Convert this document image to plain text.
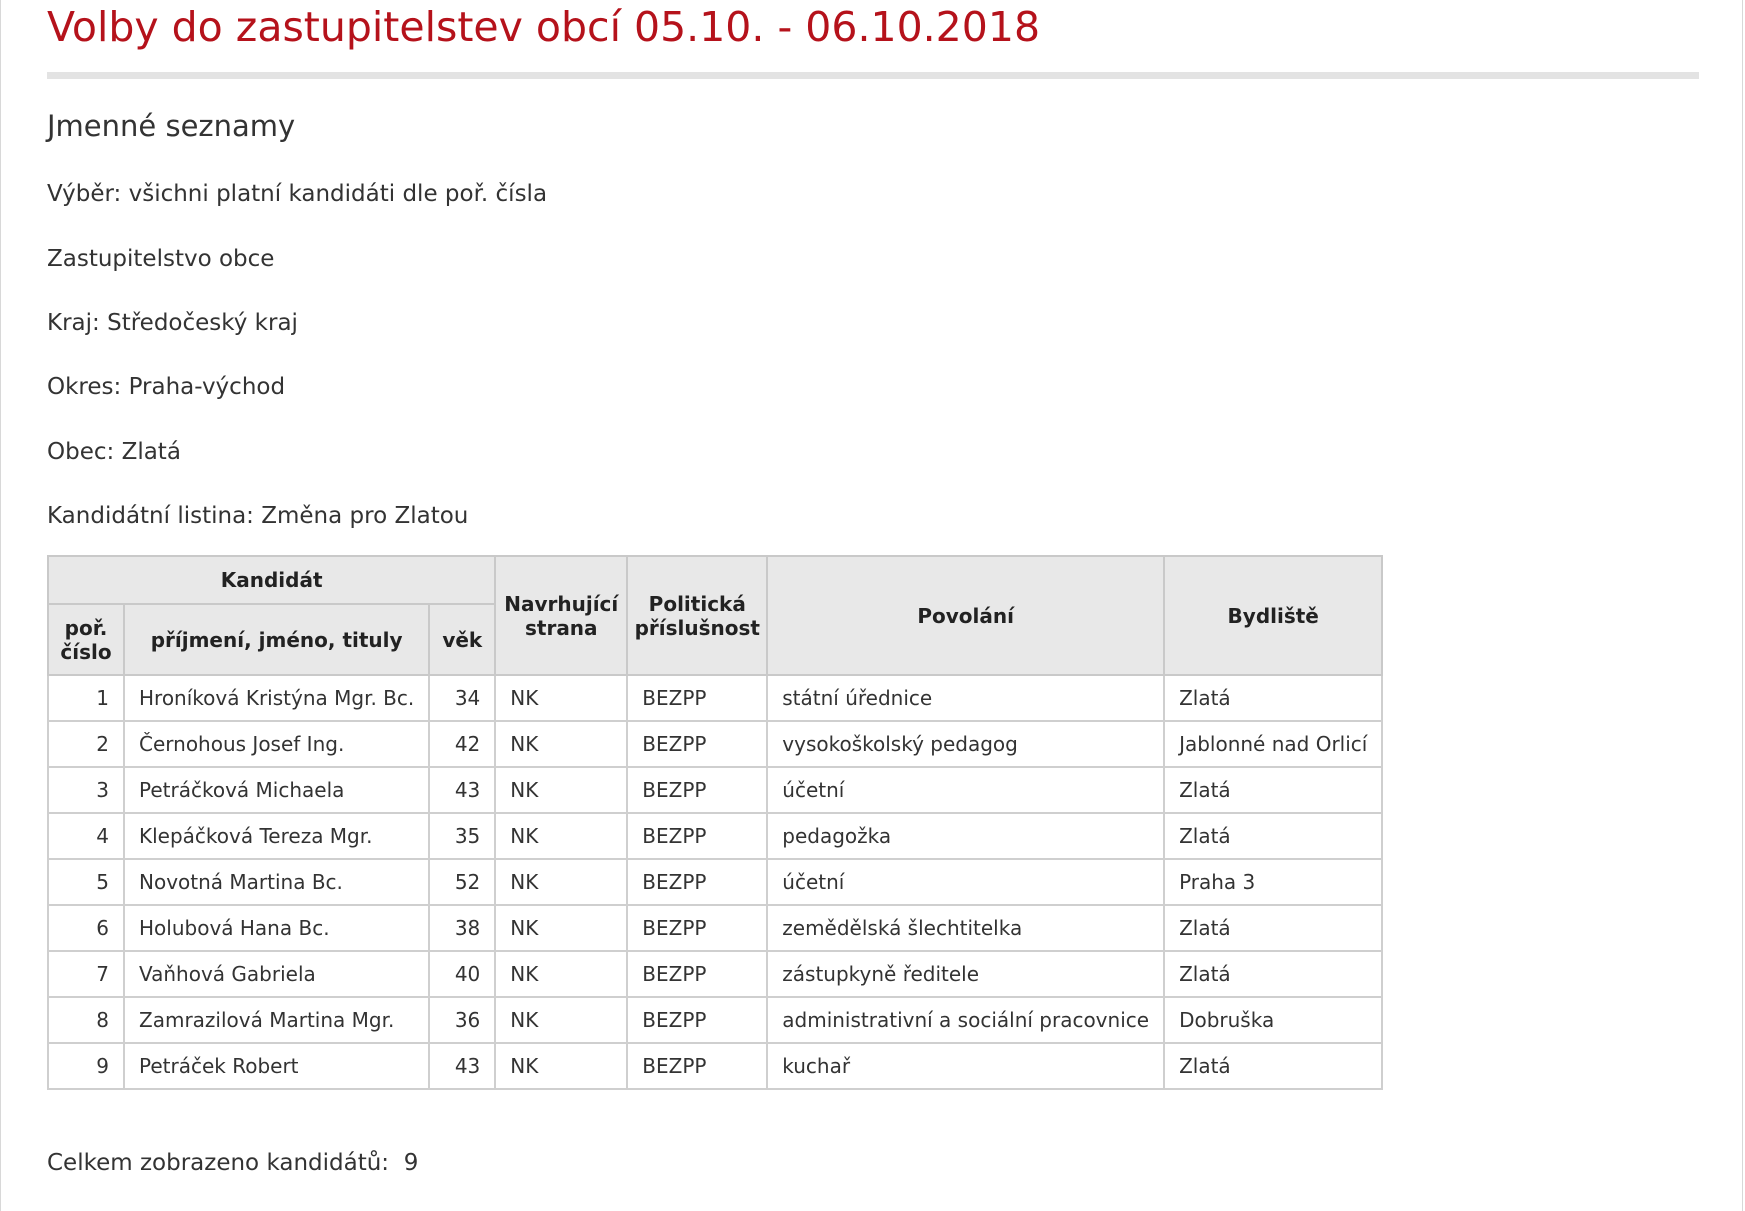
Volby do zastupitelstev obcí 05.10. - 06.10.2018
Jmenné seznamy

Výběr: všichni platní kandidáti dle poř. čísla

Zastupitelstvo obce

Kraj: Středočeský kraj

Okres: Praha-východ

Obec: Zlatá

Kandidátní listina: Změna pro Zlatou

Kandidát			Navrhující strana	Politická příslušnost	Povolání	Bydliště
poř. číslo	příjmení, jméno, tituly	věk				
1	Hroníková Kristýna Mgr. Bc.	34	NK	BEZPP	státní úřednice	Zlatá
2	Černohous Josef Ing.	42	NK	BEZPP	vysokoškolský pedagog	Jablonné nad Orlicí
3	Petráčková Michaela	43	NK	BEZPP	účetní	Zlatá
4	Klepáčková Tereza Mgr.	35	NK	BEZPP	pedagožka	Zlatá
5	Novotná Martina Bc.	52	NK	BEZPP	účetní	Praha 3
6	Holubová Hana Bc.	38	NK	BEZPP	zemědělská šlechtitelka	Zlatá
7	Vaňhová Gabriela	40	NK	BEZPP	zástupkyně ředitele	Zlatá
8	Zamrazilová Martina Mgr.	36	NK	BEZPP	administrativní a sociální pracovnice	Dobruška
9	Petráček Robert	43	NK	BEZPP	kuchař	Zlatá

Celkem zobrazeno kandidátů: 9
